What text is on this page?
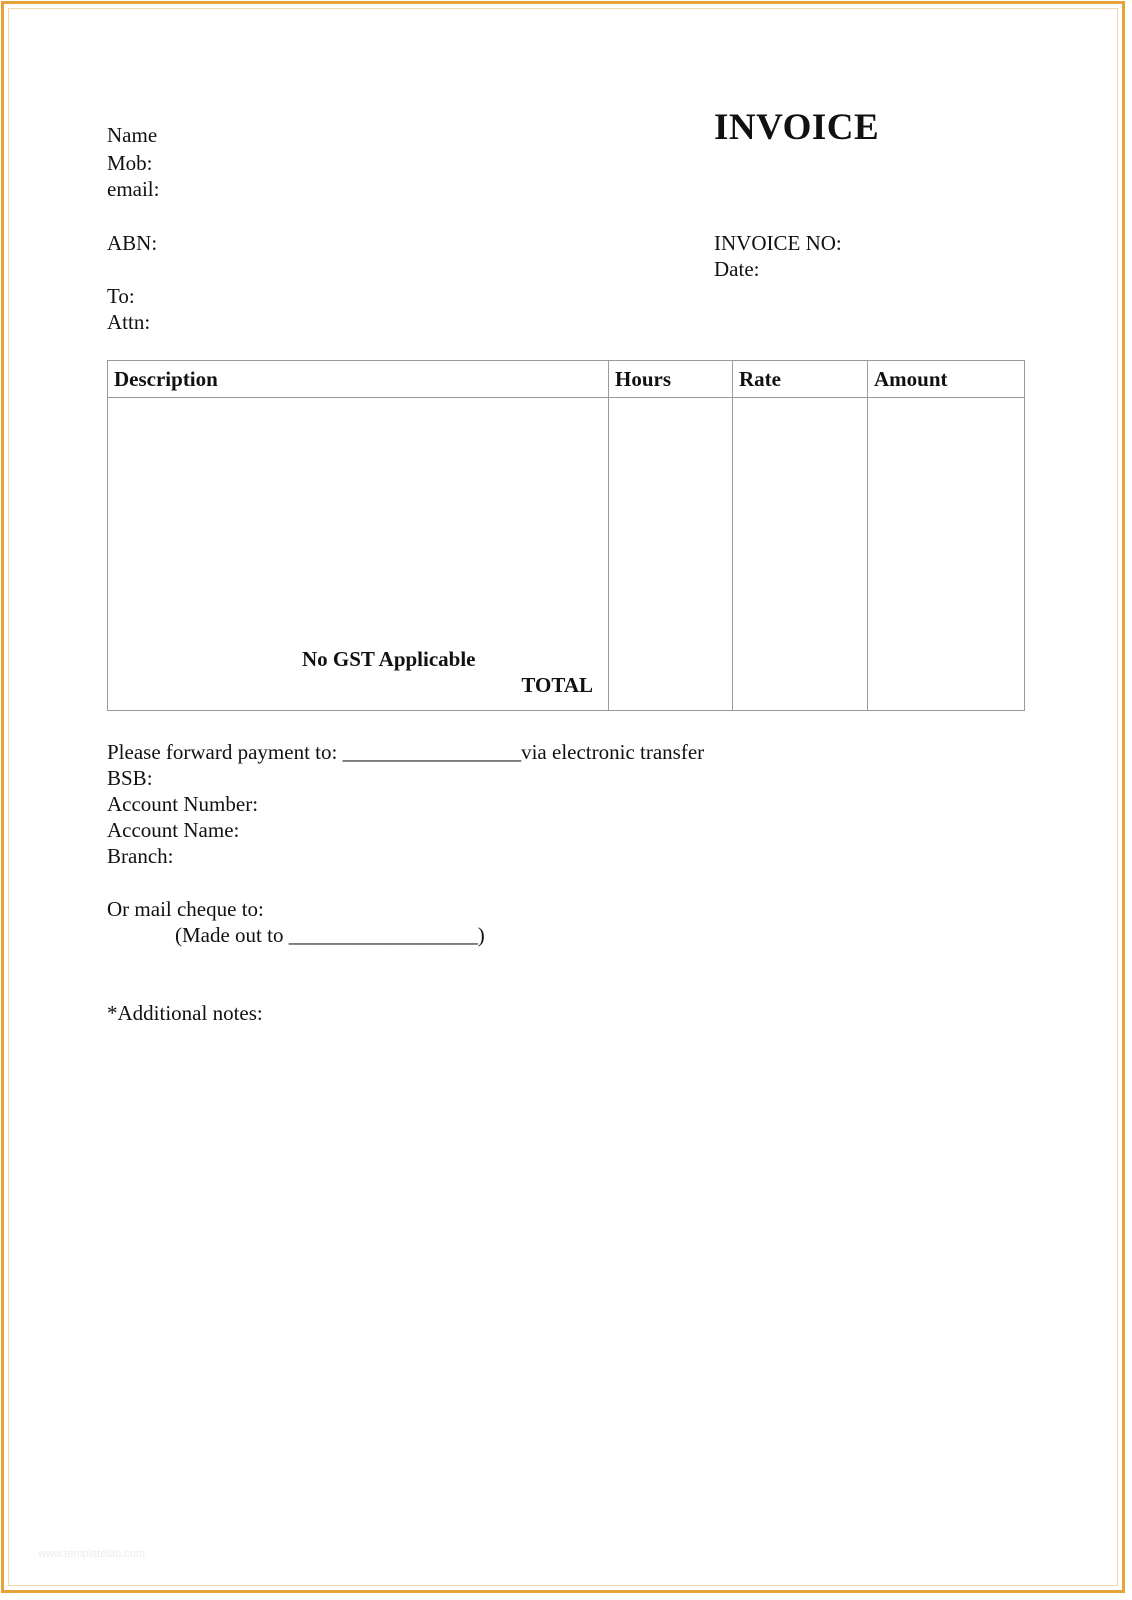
INVOICE
Name
Mob:
email:
ABN:	INVOICE NO:
Date:
To:
Attn:
Description	Hours	Rate	Amount

No GST Applicable
TOTAL			

Please forward payment to: _________________via electronic transfer
BSB:
Account Number:
Account Name:
Branch:
Or mail cheque to:
(Made out to __________________)
*Additional notes:
www.templatelab.com
